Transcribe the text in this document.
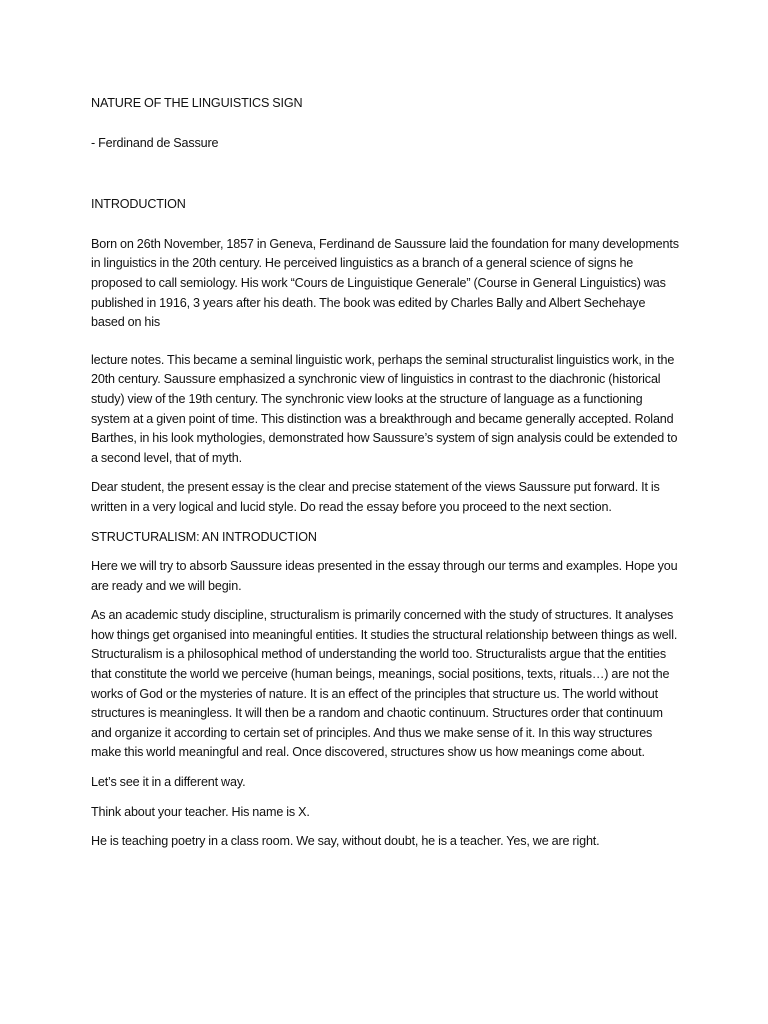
NATURE OF THE LINGUISTICS SIGN

- Ferdinand de Sassure

INTRODUCTION

Born on 26th November, 1857 in Geneva, Ferdinand de Saussure laid the foundation for many developments in linguistics in the 20th century. He perceived linguistics as a branch of a general science of signs he proposed to call semiology. His work “Cours de Linguistique Generale” (Course in General Linguistics) was published in 1916, 3 years after his death. The book was edited by Charles Bally and Albert Sechehaye based on his

lecture notes. This became a seminal linguistic work, perhaps the seminal structuralist linguistics work, in the 20th century. Saussure emphasized a synchronic view of linguistics in contrast to the diachronic (historical study) view of the 19th century. The synchronic view looks at the structure of language as a functioning system at a given point of time. This distinction was a breakthrough and became generally accepted. Roland Barthes, in his look mythologies, demonstrated how Saussure’s system of sign analysis could be extended to a second level, that of myth.

Dear student, the present essay is the clear and precise statement of the views Saussure put forward. It is written in a very logical and lucid style. Do read the essay before you proceed to the next section.

STRUCTURALISM: AN INTRODUCTION

Here we will try to absorb Saussure ideas presented in the essay through our terms and examples. Hope you are ready and we will begin.

As an academic study discipline, structuralism is primarily concerned with the study of structures. It analyses how things get organised into meaningful entities. It studies the structural relationship between things as well. Structuralism is a philosophical method of understanding the world too. Structuralists argue that the entities that constitute the world we perceive (human beings, meanings, social positions, texts, rituals…) are not the works of God or the mysteries of nature. It is an effect of the principles that structure us. The world without structures is meaningless. It will then be a random and chaotic continuum. Structures order that continuum and organize it according to certain set of principles. And thus we make sense of it. In this way structures make this world meaningful and real. Once discovered, structures show us how meanings come about.

Let’s see it in a different way.

Think about your teacher. His name is X.

He is teaching poetry in a class room. We say, without doubt, he is a teacher. Yes, we are right.
